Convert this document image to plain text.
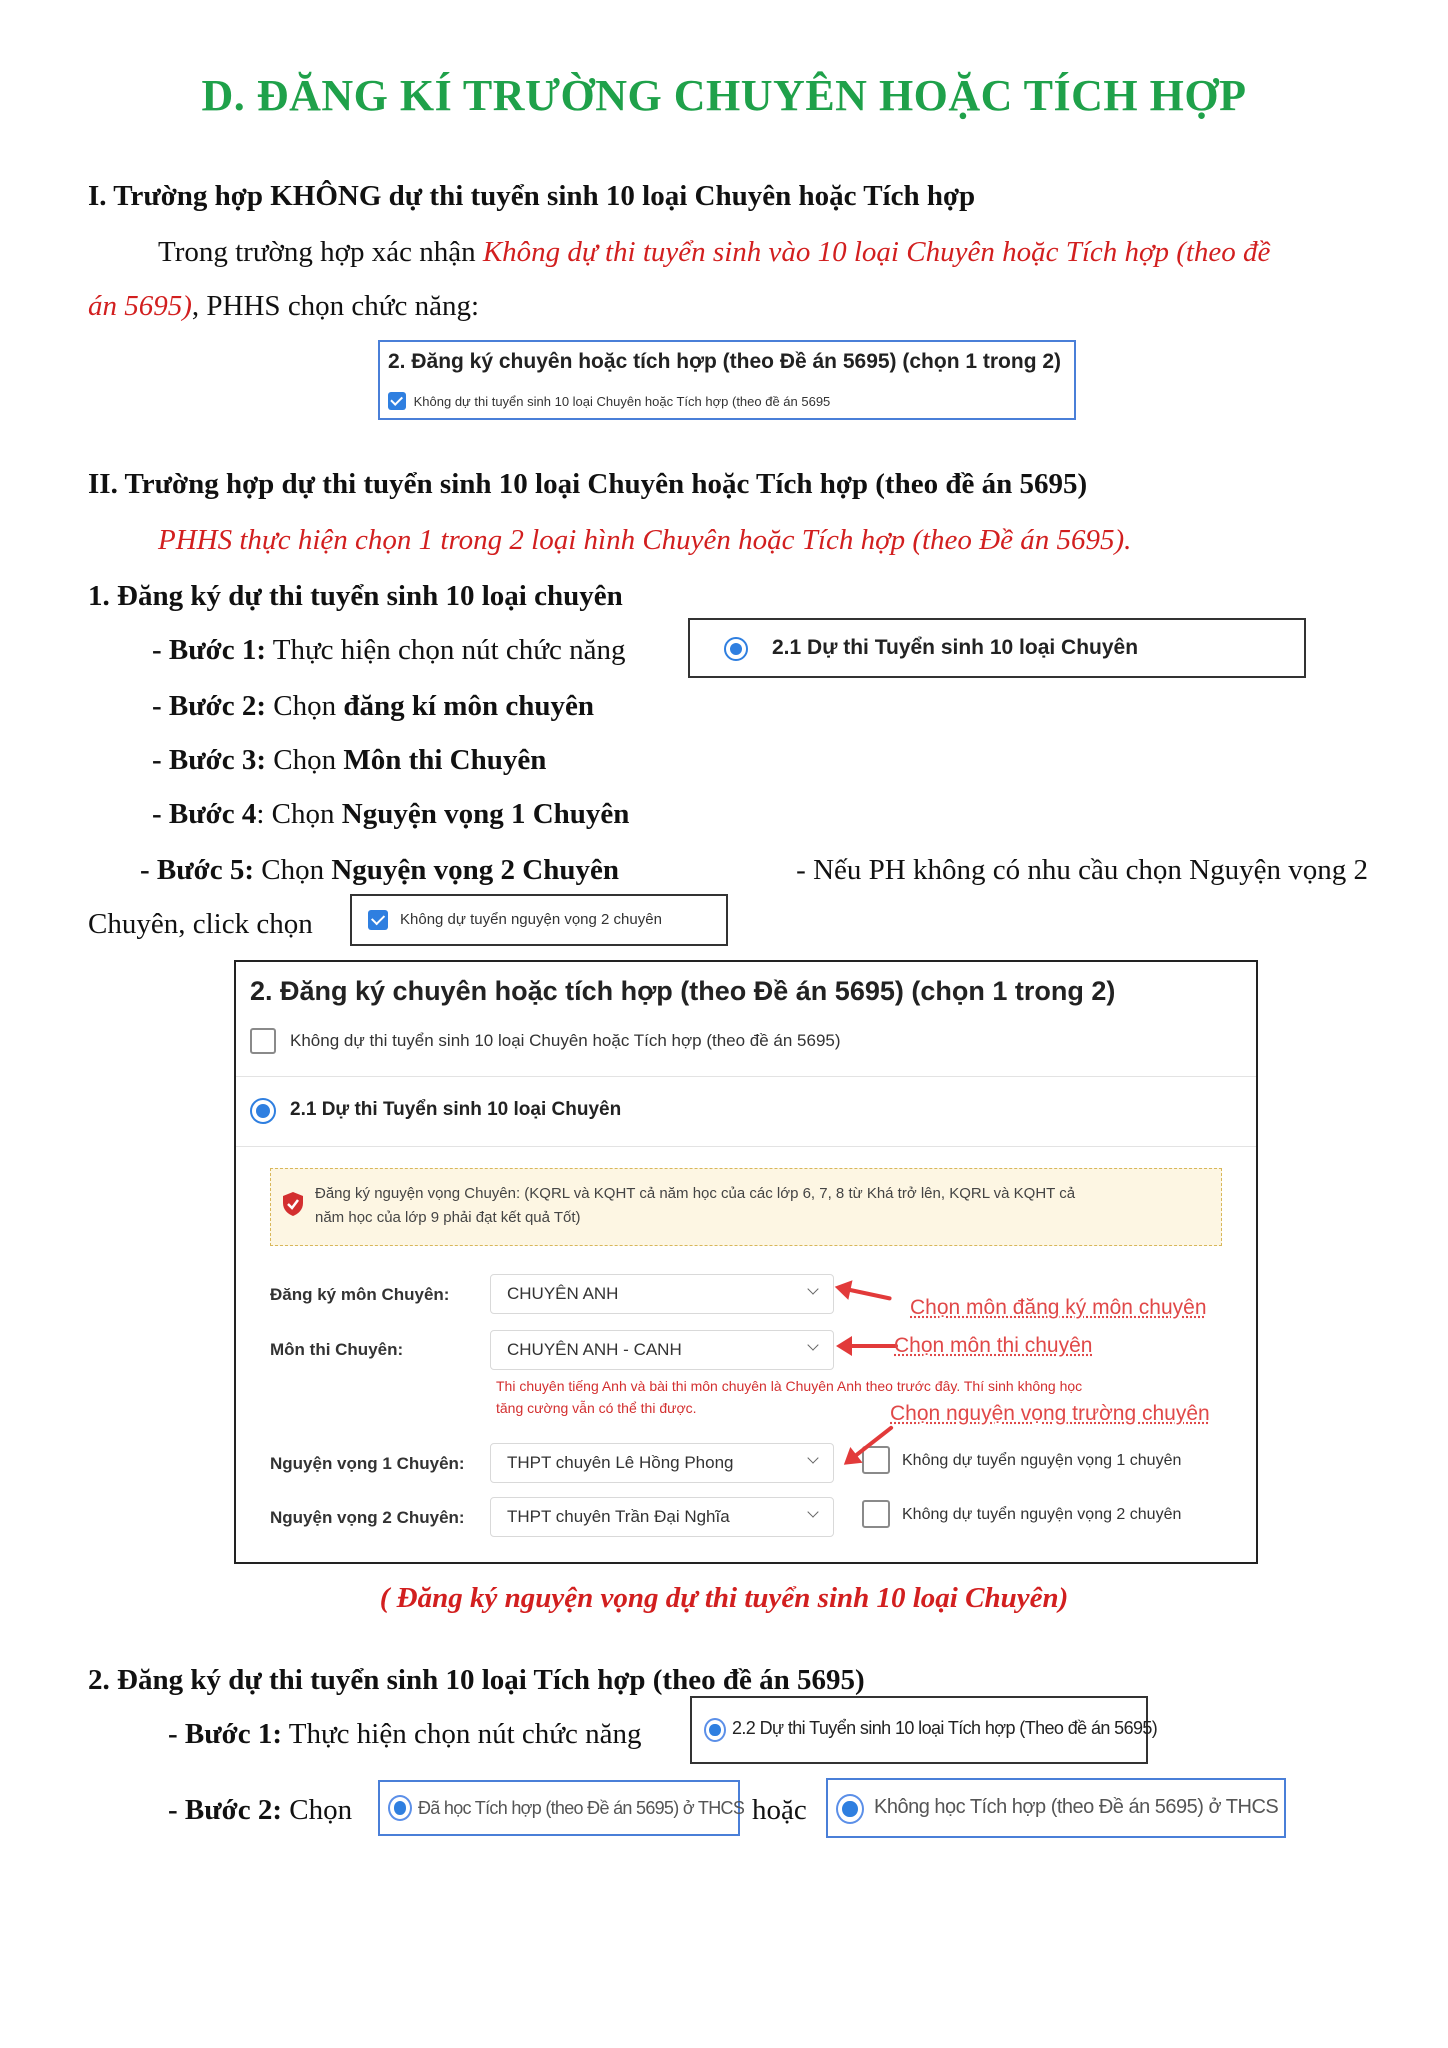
D. ĐĂNG KÍ TRƯỜNG CHUYÊN HOẶC TÍCH HỢP
I. Trường hợp KHÔNG dự thi tuyển sinh 10 loại Chuyên hoặc Tích hợp
Trong trường hợp xác nhận Không dự thi tuyển sinh vào 10 loại Chuyên hoặc Tích hợp (theo đề
án 5695), PHHS chọn chức năng:
2. Đăng ký chuyên hoặc tích hợp (theo Đề án 5695) (chọn 1 trong 2)
Không dự thi tuyển sinh 10 loại Chuyên hoặc Tích hợp (theo đề án 5695
II. Trường hợp dự thi tuyển sinh 10 loại Chuyên hoặc Tích hợp (theo đề án 5695)
PHHS thực hiện chọn 1 trong 2 loại hình Chuyên hoặc Tích hợp (theo Đề án 5695).
1. Đăng ký dự thi tuyển sinh 10 loại chuyên
- Bước 1: Thực hiện chọn nút chức năng	2.1 Dự thi Tuyển sinh 10 loại Chuyên
- Bước 2: Chọn đăng kí môn chuyên
- Bước 3: Chọn Môn thi Chuyên
- Bước 4: Chọn Nguyện vọng 1 Chuyên
- Bước 5: Chọn Nguyện vọng 2 Chuyên	- Nếu PH không có nhu cầu chọn Nguyện vọng 2
Chuyên, click chọn	Không dự tuyển nguyện vọng 2 chuyên
2. Đăng ký chuyên hoặc tích hợp (theo Đề án 5695) (chọn 1 trong 2)
Không dự thi tuyển sinh 10 loại Chuyên hoặc Tích hợp (theo đề án 5695)
2.1 Dự thi Tuyển sinh 10 loại Chuyên
Đăng ký nguyện vọng Chuyên: (KQRL và KQHT cả năm học của các lớp 6, 7, 8 từ Khá trở lên, KQRL và KQHT cả
năm học của lớp 9 phải đạt kết quả Tốt)
Đăng ký môn Chuyên:	CHUYÊN ANH
Môn thi Chuyên:	CHUYÊN ANH - CANH
Thi chuyên tiếng Anh và bài thi môn chuyên là Chuyên Anh theo trước đây. Thí sinh không học
tăng cường vẫn có thể thi được.
Nguyện vọng 1 Chuyên:	THPT chuyên Lê Hồng Phong	Không dự tuyển nguyện vọng 1 chuyên
Nguyện vọng 2 Chuyên:	THPT chuyên Trần Đại Nghĩa	Không dự tuyển nguyện vọng 2 chuyên
Chọn môn đăng ký môn chuyên
Chọn môn thi chuyên
Chọn nguyện vọng trường chuyên
( Đăng ký nguyện vọng dự thi tuyển sinh 10 loại Chuyên)
2. Đăng ký dự thi tuyển sinh 10 loại Tích hợp (theo đề án 5695)
- Bước 1: Thực hiện chọn nút chức năng	2.2 Dự thi Tuyển sinh 10 loại Tích hợp (Theo đề án 5695)
- Bước 2: Chọn	Đã học Tích hợp (theo Đề án 5695) ở THCS hoặc	Không học Tích hợp (theo Đề án 5695) ở THCS
